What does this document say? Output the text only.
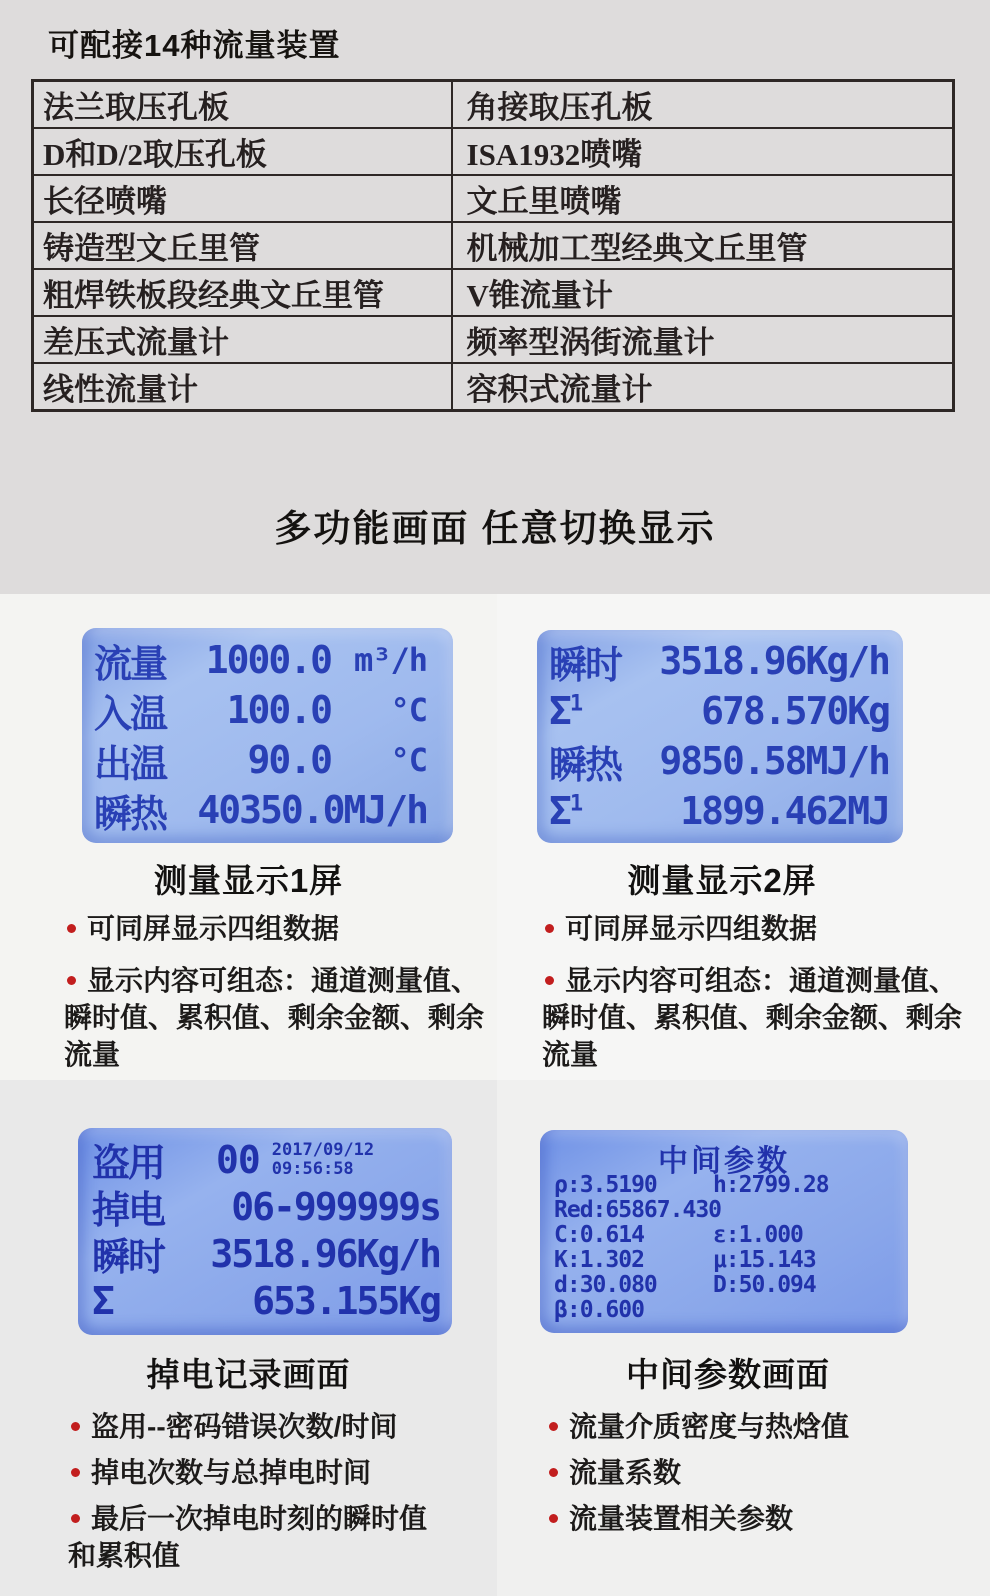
可配接14种流量装置
法兰取压孔板	角接取压孔板
D和D/2取压孔板	ISA1932喷嘴
长径喷嘴	文丘里喷嘴
铸造型文丘里管	机械加工型经典文丘里管
粗焊铁板段经典文丘里管	V锥流量计
差压式流量计	频率型涡街流量计
线性流量计	容积式流量计
多功能画面 任意切换显示
流量	1000.0 m³/h
入温	100.0	°C
出温	90.0	°C
瞬热 40350.0MJ/h
瞬时	3518.96Kg/h
$\Sigma^1$	678.570Kg
瞬热	9850.58MJ/h
$\Sigma^1$	1899.462MJ
盗用 00 2017/09/12
09:56:58
掉电	06-999999s
瞬时	3518.96Kg/h
Σ	653.155Kg
中间参数
ρ:3.5190 h:2799.28
Red:65867.430
C:0.614	ε:1.000
K:1.302	μ:15.143
d:30.080 D:50.094
β:0.600
测量显示1屏	测量显示2屏
掉电记录画面	中间参数画面

可同屏显示四组数据

显示内容可组态：通道测量值、瞬时值、累积值、剩余金额、剩余流量

可同屏显示四组数据

显示内容可组态：通道测量值、瞬时值、累积值、剩余金额、剩余流量

盗用--密码错误次数/时间

掉电次数与总掉电时间

最后一次掉电时刻的瞬时值和累积值

流量介质密度与热焓值

流量系数

流量装置相关参数
